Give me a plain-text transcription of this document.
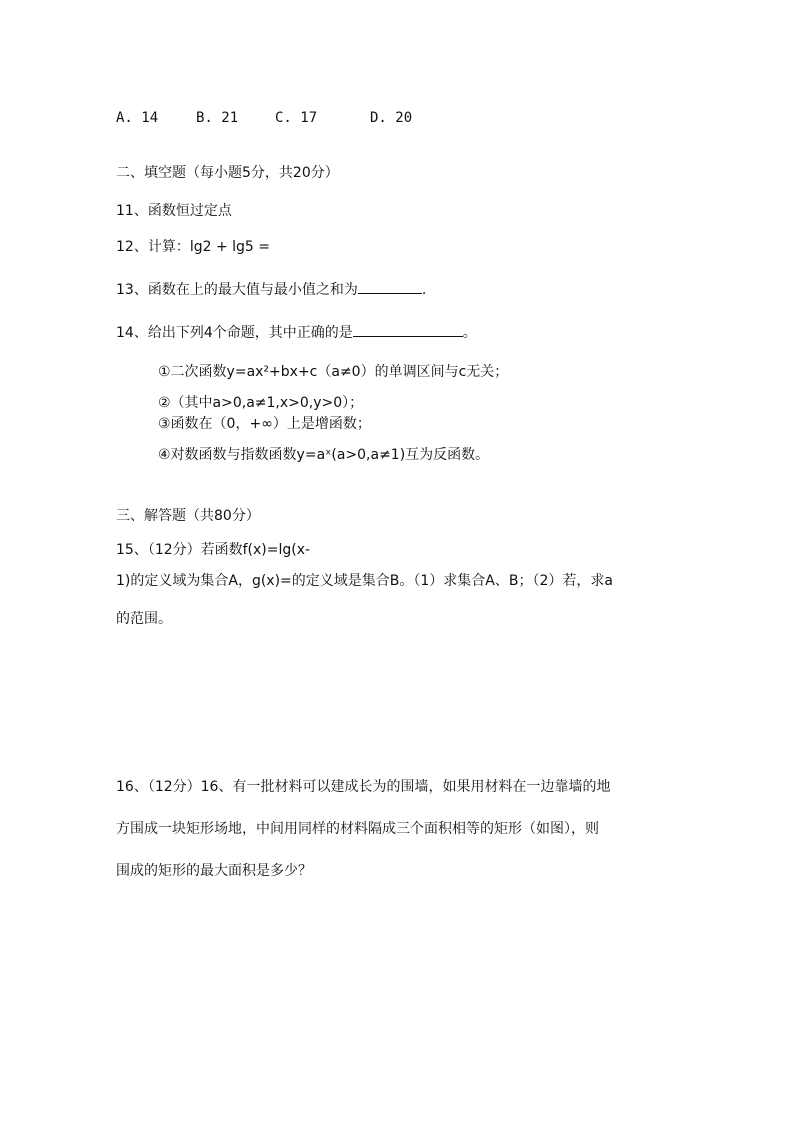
A. 14	B. 21	C. 17	D. 20
二、填空题（每小题5分，共20分）
11、函数恒过定点
12、计算：lg2 + lg5 =
13、函数在上的最大值与最小值之和为	.
14、给出下列4个命题，其中正确的是	。
①二次函数y=ax²+bx+c（a≠0）的单调区间与c无关；
②（其中a>0,a≠1,x>0,y>0）；
③函数在（0，+∞）上是增函数；
④对数函数与指数函数y=aˣ(a>0,a≠1)互为反函数。
三、解答题（共80分）
15、（12分）若函数f(x)=lg(x-
1)的定义域为集合A，g(x)=的定义域是集合B。（1）求集合A、B；（2）若，求a
的范围。
16、（12分）16、有一批材料可以建成长为的围墙，如果用材料在一边靠墙的地
方围成一块矩形场地，中间用同样的材料隔成三个面积相等的矩形（如图），则
围成的矩形的最大面积是多少？
